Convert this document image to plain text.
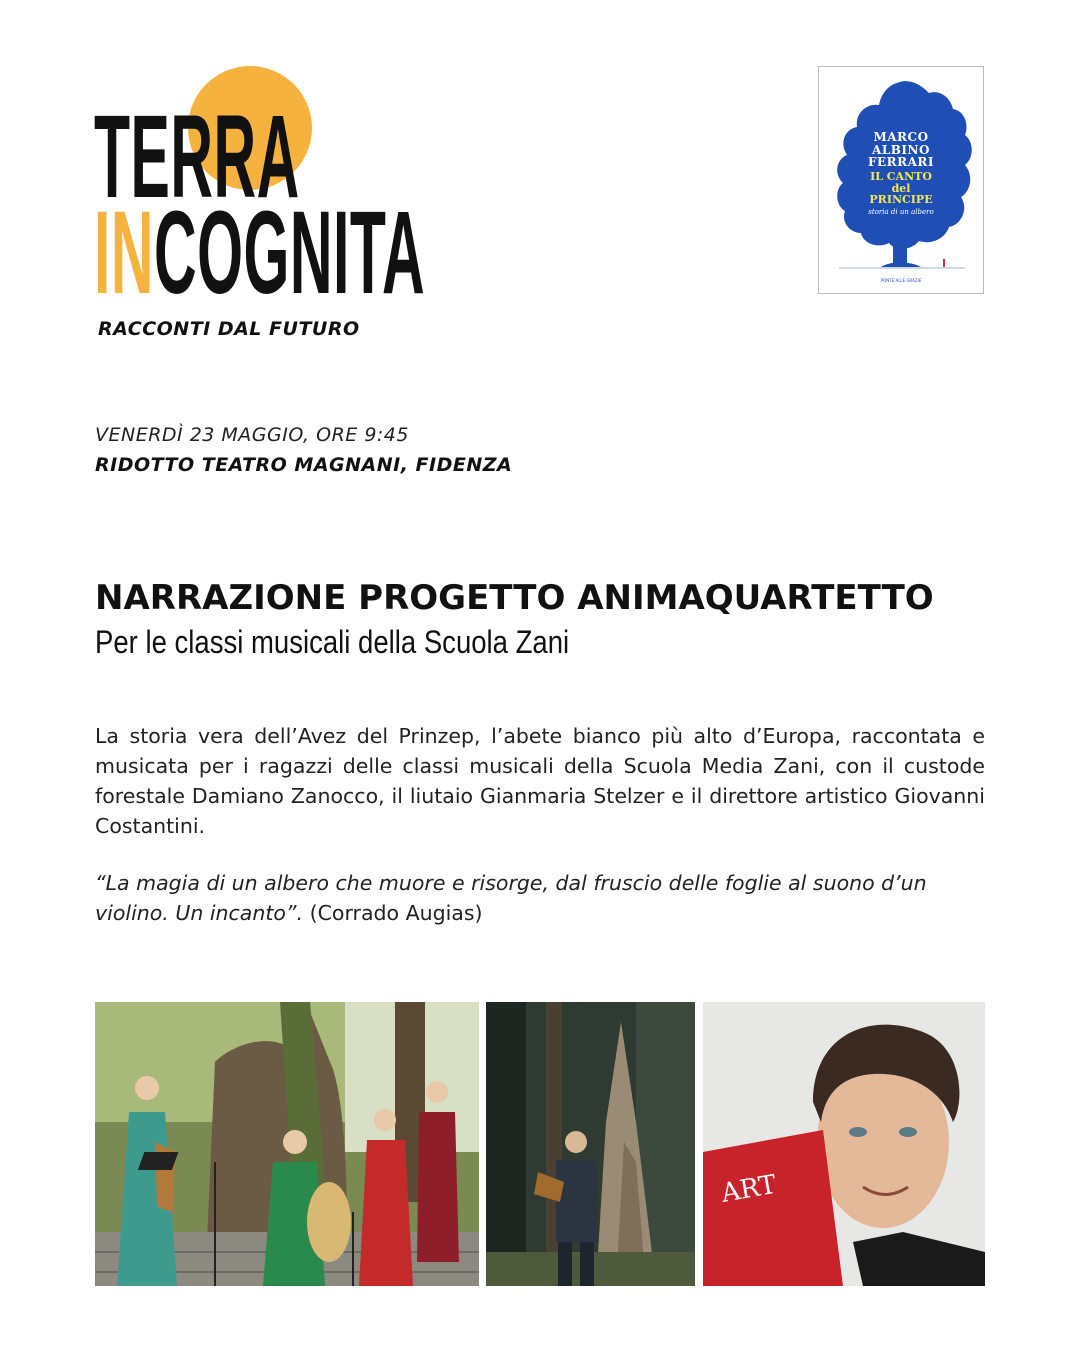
TERRA
INCOGNITA

RACCONTI DAL FUTURO

MARCO
ALBINO
FERRARI
IL CANTO
del
PRINCIPE
storia di un albero
PONTE ALLE GRAZIE

VENERDÌ 23 MAGGIO, ORE 9:45

RIDOTTO TEATRO MAGNANI, FIDENZA

NARRAZIONE PROGETTO ANIMAQUARTETTO

Per le classi musicali della Scuola Zani

La storia vera dell’Avez del Prinzep, l’abete bianco più alto d’Europa, raccontata e musicata per i ragazzi delle classi musicali della Scuola Media Zani, con il custode forestale Damiano Zanocco, il liutaio Gianmaria Stelzer e il direttore artistico Giovanni Costantini.

“La magia di un albero che muore e risorge, dal fruscio delle foglie al suono d’un violino. Un incanto”. (Corrado Augias)

ART
